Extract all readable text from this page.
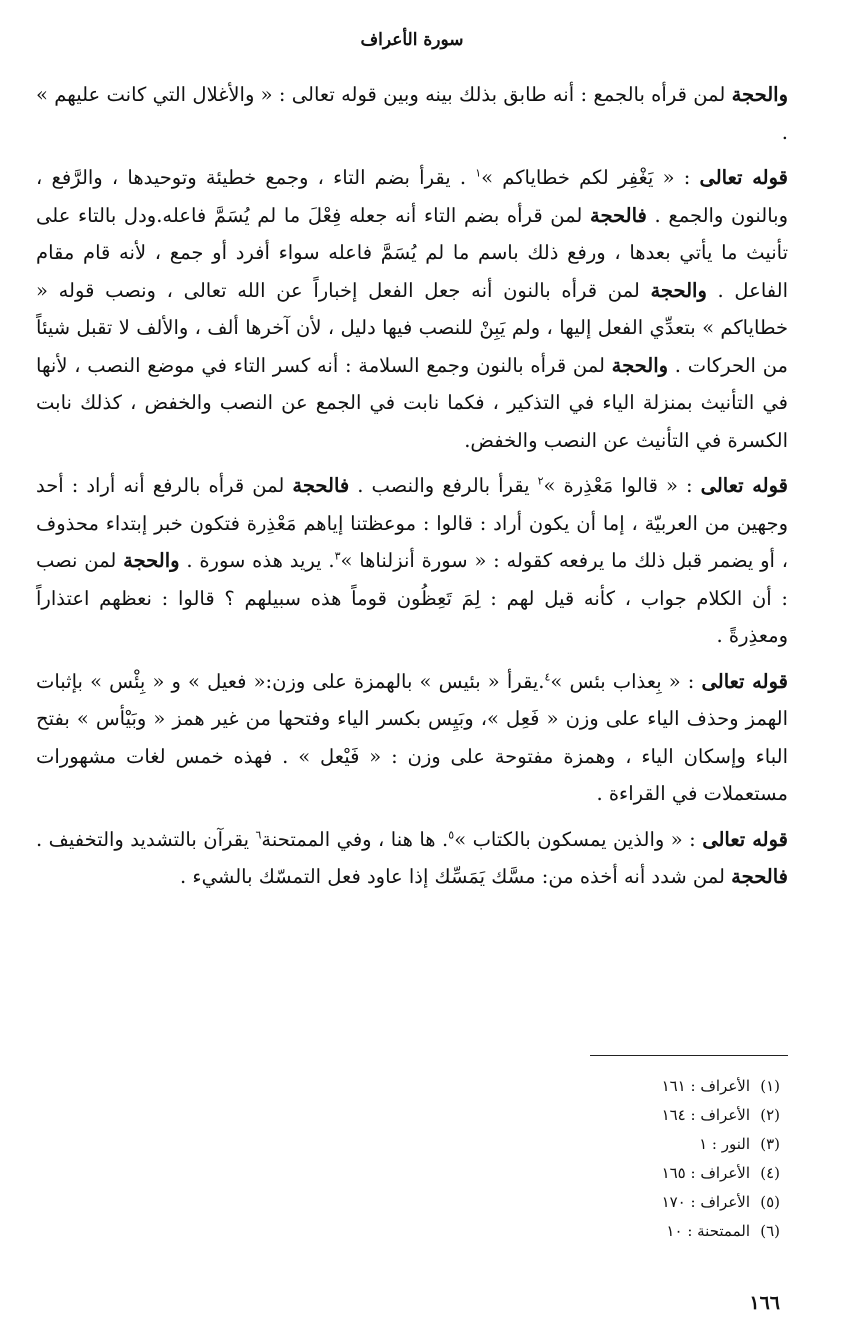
سورة الأعراف

والحجة لمن قرأه بالجمع : أنه طابق بذلك بينه وبين قوله تعالى : « والأغلال التي كانت عليهم » .

قوله تعالى : « يَغْفِر لكم خطاياكم »$^١$ . يقرأ بضم التاء ، وجمع خطيئة وتوحيدها ، والرَّفع ، وبالنون والجمع . فالحجة لمن قرأه بضم التاء أنه جعله فِعْلَ ما لم يُسَمَّ فاعله.ودل بالتاء على تأنيث ما يأتي بعدها ، ورفع ذلك باسم ما لم يُسَمَّ فاعله سواء أفرد أو جمع ، لأنه قام مقام الفاعل . والحجة لمن قرأه بالنون أنه جعل الفعل إخباراً عن الله تعالى ، ونصب قوله « خطاياكم » بتعدِّي الفعل إليها ، ولم يَبِنْ للنصب فيها دليل ، لأن آخرها ألف ، والألف لا تقبل شيئاً من الحركات . والحجة لمن قرأه بالنون وجمع السلامة : أنه كسر التاء في موضع النصب ، لأنها في التأنيث بمنزلة الياء في التذكير ، فكما نابت في الجمع عن النصب والخفض ، كذلك نابت الكسرة في التأنيث عن النصب والخفض.

قوله تعالى : « قالوا مَعْذِرة »$^٢$ يقرأ بالرفع والنصب . فالحجة لمن قرأه بالرفع أنه أراد : أحد وجهين من العربيّة ، إما أن يكون أراد : قالوا : موعظتنا إياهم مَعْذِرة فتكون خبر إبتداء محذوف ، أو يضمر قبل ذلك ما يرفعه كقوله : « سورة أنزلناها »$^٣$. يريد هذه سورة . والحجة لمن نصب : أن الكلام جواب ، كأنه قيل لهم : لِمَ تَعِظُون قوماً هذه سبيلهم ؟ قالوا : نعظهم اعتذاراً ومعذِرةً .

قوله تعالى : « بِعذاب بئس »$^٤$.يقرأ « بئيس » بالهمزة على وزن:« فعيل » و « بِئْس » بإثبات الهمز وحذف الياء على وزن « فَعِل »، وبَيِس بكسر الياء وفتحها من غير همز « وبَيْأس » بفتح الباء وإسكان الياء ، وهمزة مفتوحة على وزن : « فَيْعل » . فهذه خمس لغات مشهورات مستعملات في القراءة .

قوله تعالى : « والذين يمسكون بالكتاب »$^٥$. ها هنا ، وفي الممتحنة$^٦$ يقرآن بالتشديد والتخفيف . فالحجة لمن شدد أنه أخذه من: مسَّك يَمَسِّك إذا عاود فعل التمسّك بالشيء .

(١)الأعراف : ١٦١
(٢)الأعراف : ١٦٤
(٣)النور : ١
(٤)الأعراف : ١٦٥
(٥)الأعراف : ١٧٠
(٦)الممتحنة : ١٠
١٦٦
